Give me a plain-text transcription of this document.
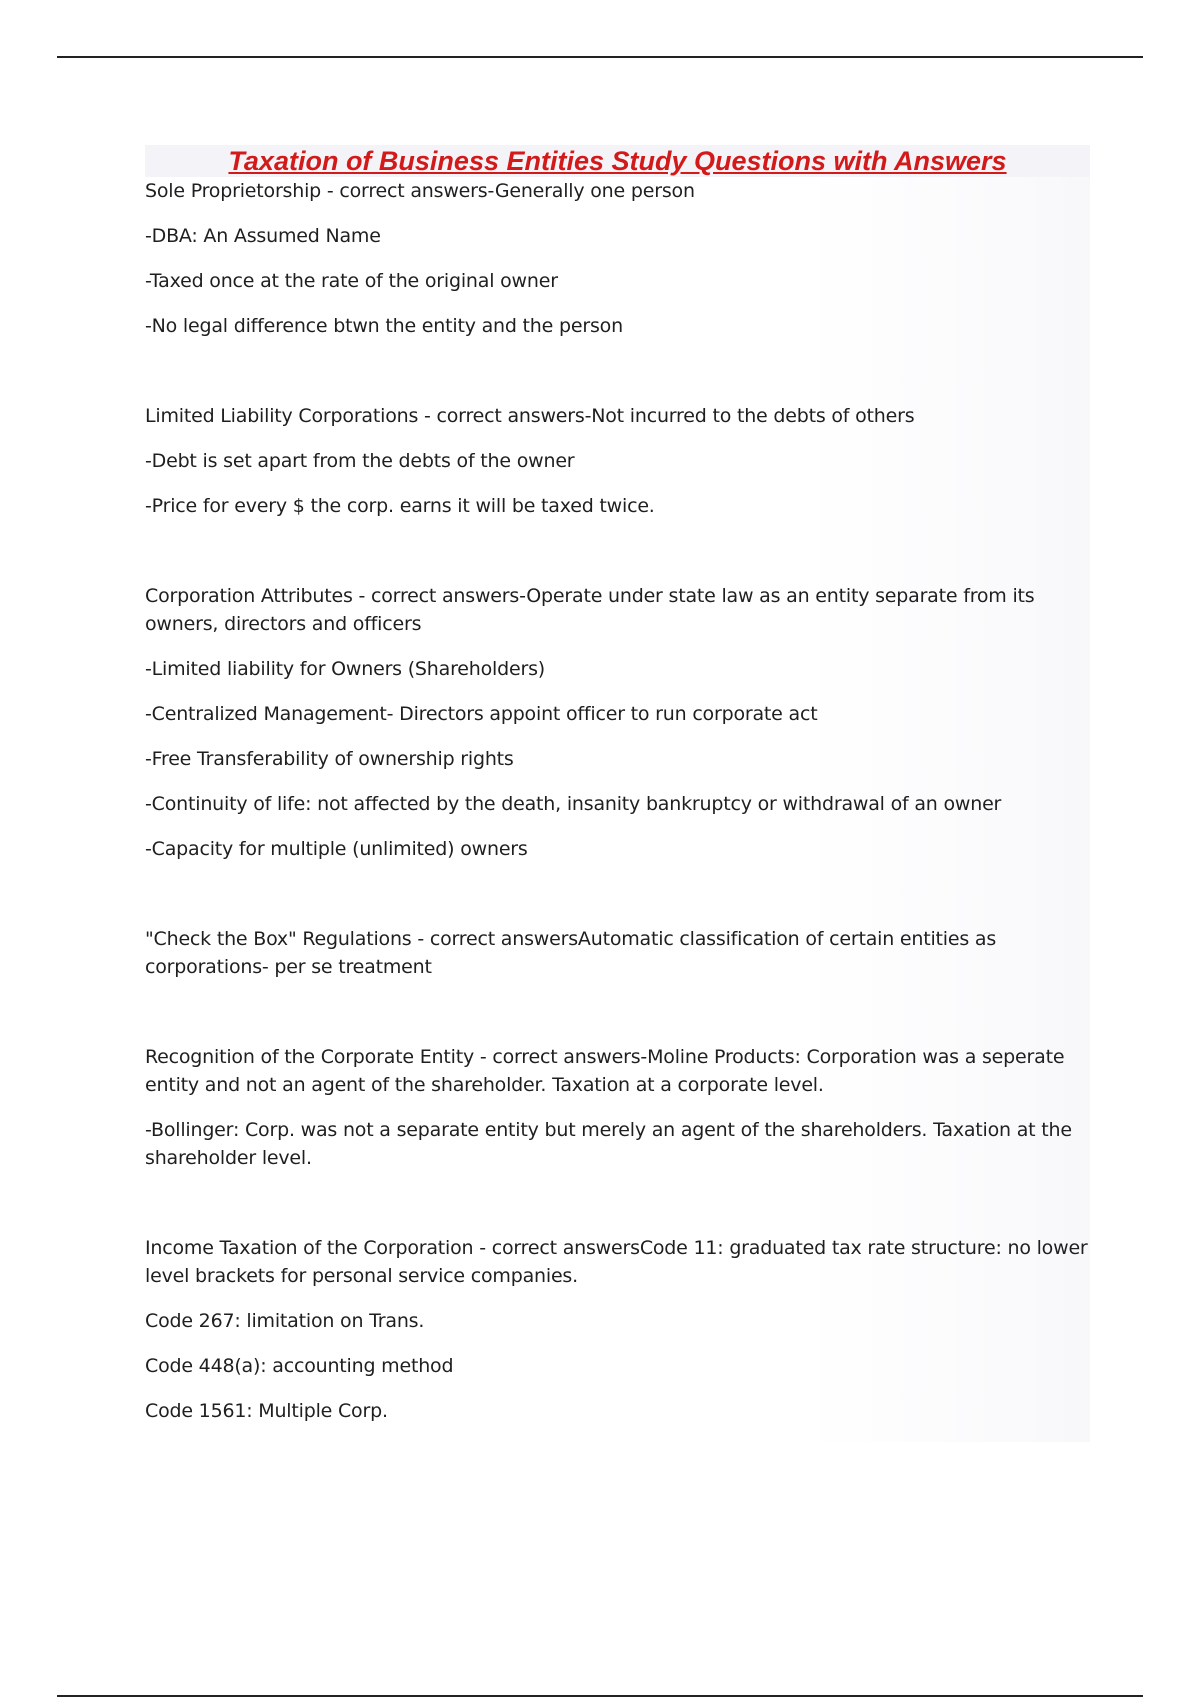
Taxation of Business Entities Study Questions with Answers

Sole Proprietorship - correct answers-Generally one person

-DBA: An Assumed Name

-Taxed once at the rate of the original owner

-No legal difference btwn the entity and the person

Limited Liability Corporations - correct answers-Not incurred to the debts of others

-Debt is set apart from the debts of the owner

-Price for every $ the corp. earns it will be taxed twice.

Corporation Attributes - correct answers-Operate under state law as an entity separate from its owners, directors and officers

-Limited liability for Owners (Shareholders)

-Centralized Management- Directors appoint officer to run corporate act

-Free Transferability of ownership rights

-Continuity of life: not affected by the death, insanity bankruptcy or withdrawal of an owner

-Capacity for multiple (unlimited) owners

"Check the Box" Regulations - correct answersAutomatic classification of certain entities as corporations- per se treatment

Recognition of the Corporate Entity - correct answers-Moline Products: Corporation was a seperate entity and not an agent of the shareholder. Taxation at a corporate level.

-Bollinger: Corp. was not a separate entity but merely an agent of the shareholders. Taxation at the shareholder level.

Income Taxation of the Corporation - correct answersCode 11: graduated tax rate structure: no lower level brackets for personal service companies.

Code 267: limitation on Trans.

Code 448(a): accounting method

Code 1561: Multiple Corp.
